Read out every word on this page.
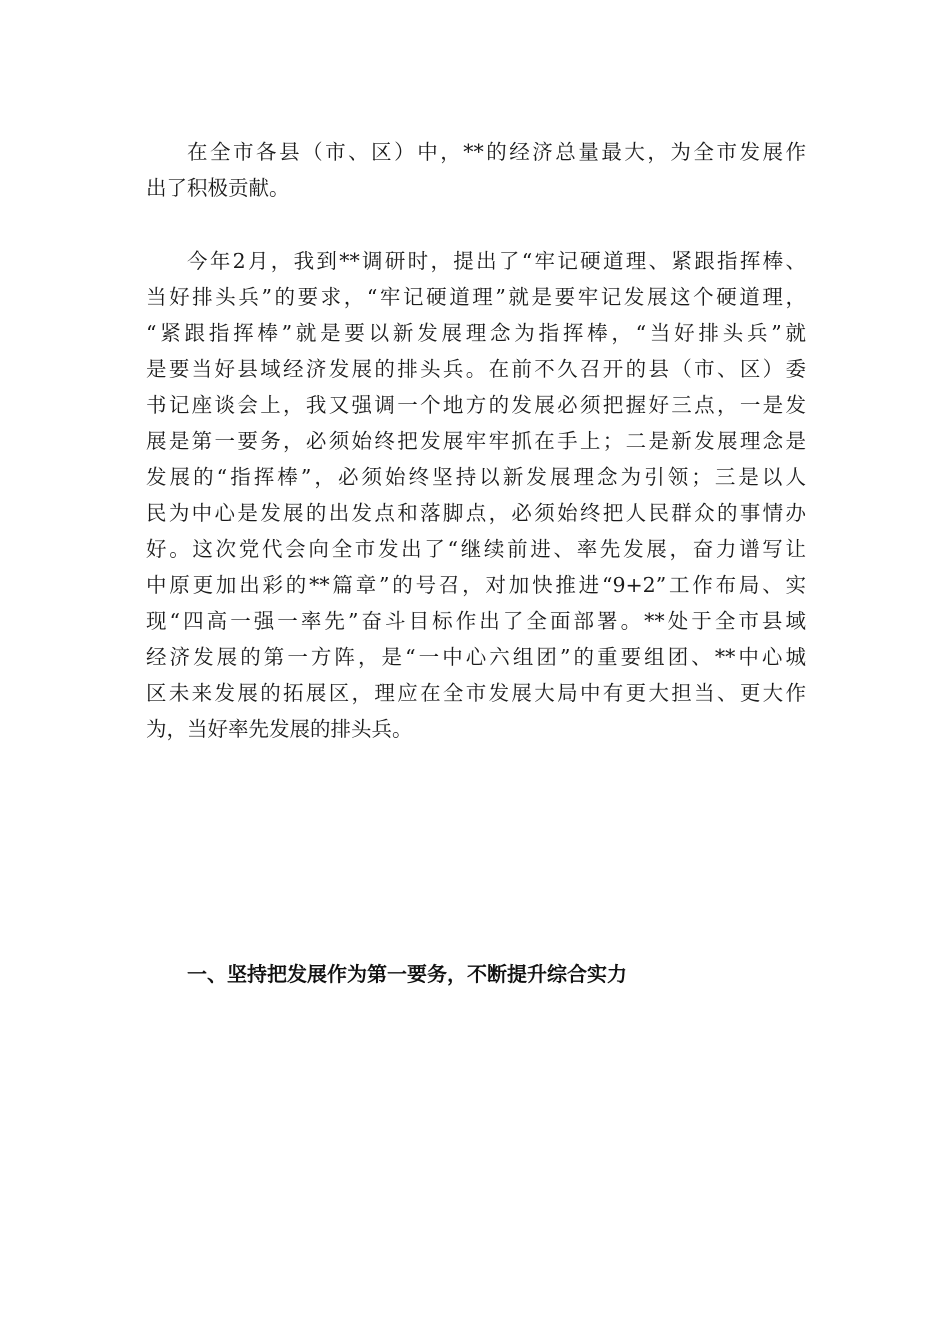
在全市各县（市、区）中，**的经济总量最大，为全市发展作
出了积极贡献。
今年2月，我到**调研时，提出了“牢记硬道理、紧跟指挥棒、
当好排头兵”的要求，“牢记硬道理”就是要牢记发展这个硬道理，
“紧跟指挥棒”就是要以新发展理念为指挥棒，“当好排头兵”就
是要当好县域经济发展的排头兵。在前不久召开的县（市、区）委
书记座谈会上，我又强调一个地方的发展必须把握好三点，一是发
展是第一要务，必须始终把发展牢牢抓在手上；二是新发展理念是
发展的“指挥棒”，必须始终坚持以新发展理念为引领；三是以人
民为中心是发展的出发点和落脚点，必须始终把人民群众的事情办
好。这次党代会向全市发出了“继续前进、率先发展，奋力谱写让
中原更加出彩的**篇章”的号召，对加快推进“9+2”工作布局、实
现“四高一强一率先”奋斗目标作出了全面部署。**处于全市县域
经济发展的第一方阵，是“一中心六组团”的重要组团、**中心城
区未来发展的拓展区，理应在全市发展大局中有更大担当、更大作
为，当好率先发展的排头兵。
一、坚持把发展作为第一要务，不断提升综合实力
